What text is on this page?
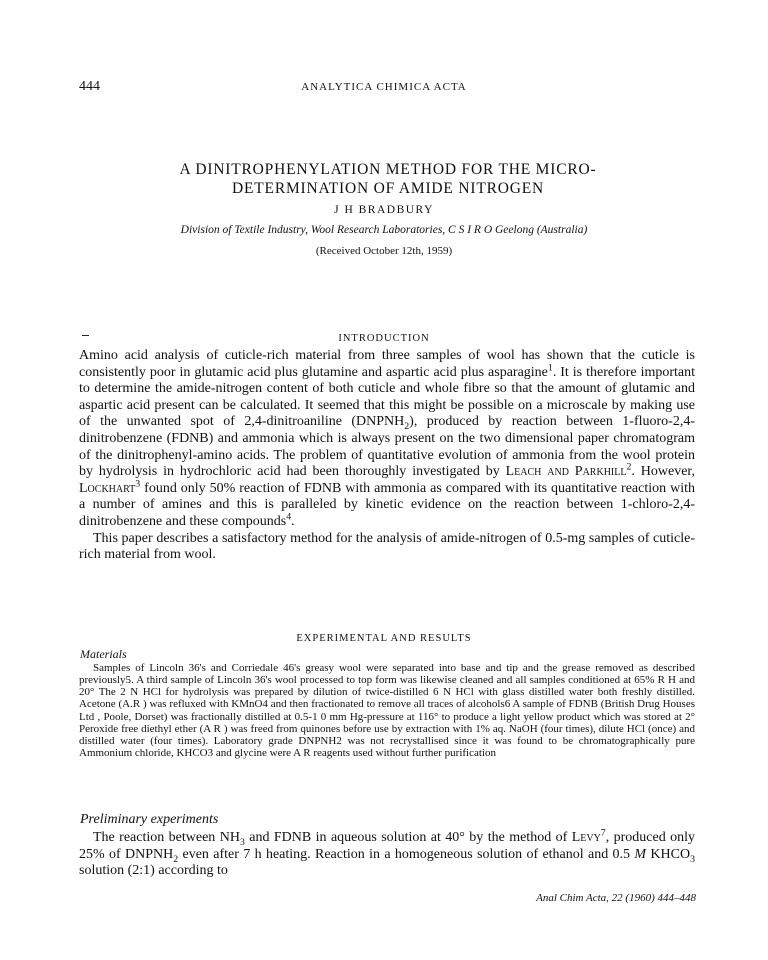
444	ANALYTICA CHIMICA ACTA
A DINITROPHENYLATION METHOD FOR THE MICRO-
DETERMINATION OF AMIDE NITROGEN
J H BRADBURY
Division of Textile Industry, Wool Research Laboratories, C S I R O Geelong (Australia)
(Received October 12th, 1959)
INTRODUCTION

Amino acid analysis of cuticle-rich material from three samples of wool has shown that the cuticle is consistently poor in glutamic acid plus glutamine and aspartic acid plus asparagine$^1$. It is therefore important to determine the amide-nitrogen content of both cuticle and whole fibre so that the amount of glutamic and aspartic acid present can be calculated. It seemed that this might be possible on a microscale by making use of the unwanted spot of 2,4-dinitroaniline $(DNPNH_2)$, produced by reaction between 1-fluoro-2,4-dinitrobenzene (FDNB) and ammonia which is always present on the two dimensional paper chromatogram of the dinitrophenyl-amino acids. The problem of quantitative evolution of ammonia from the wool protein by hydrolysis in hydrochloric acid had been thoroughly investigated by Leach and Parkhill$^2$. However, Lockhart$^3$ found only 50% reaction of FDNB with ammonia as compared with its quantitative reaction with a number of amines and this is paralleled by kinetic evidence on the reaction between 1-chloro-2,4-dinitrobenzene and these compounds$^4$.

This paper describes a satisfactory method for the analysis of amide-nitrogen of 0.5-mg samples of cuticle-rich material from wool.

EXPERIMENTAL AND RESULTS
Materials
Samples of Lincoln 36's and Corriedale 46's greasy wool were separated into base and tip and the grease removed as described previously5. A third sample of Lincoln 36's wool processed to top form was likewise cleaned and all samples conditioned at 65% R H and 20° The 2 N HCl for hydrolysis was prepared by dilution of twice-distilled 6 N HCl with glass distilled water both freshly distilled. Acetone (A.R ) was refluxed with KMnO4 and then fractionated to remove all traces of alcohols6 A sample of FDNB (British Drug Houses Ltd , Poole, Dorset) was fractionally distilled at 0.5-1 0 mm Hg-pressure at 116° to produce a light yellow product which was stored at 2° Peroxide free diethyl ether (A R ) was freed from quinones before use by extraction with 1% aq. NaOH (four times), dilute HCl (once) and distilled water (four times). Laboratory grade DNPNH2 was not recrystallised since it was found to be chromatographically pure Ammonium chloride, KHCO3 and glycine were A R reagents used without further purification
Preliminary experiments
The reaction between $NH_3$ and FDNB in aqueous solution at 40° by the method of Levy$^7$, produced only 25% of $DNPNH_2$ even after 7 h heating. Reaction in a homogeneous solution of ethanol and 0.5 M $KHCO_3$ solution (2:1) according to
Anal Chim Acta, 22 (1960) 444–448
